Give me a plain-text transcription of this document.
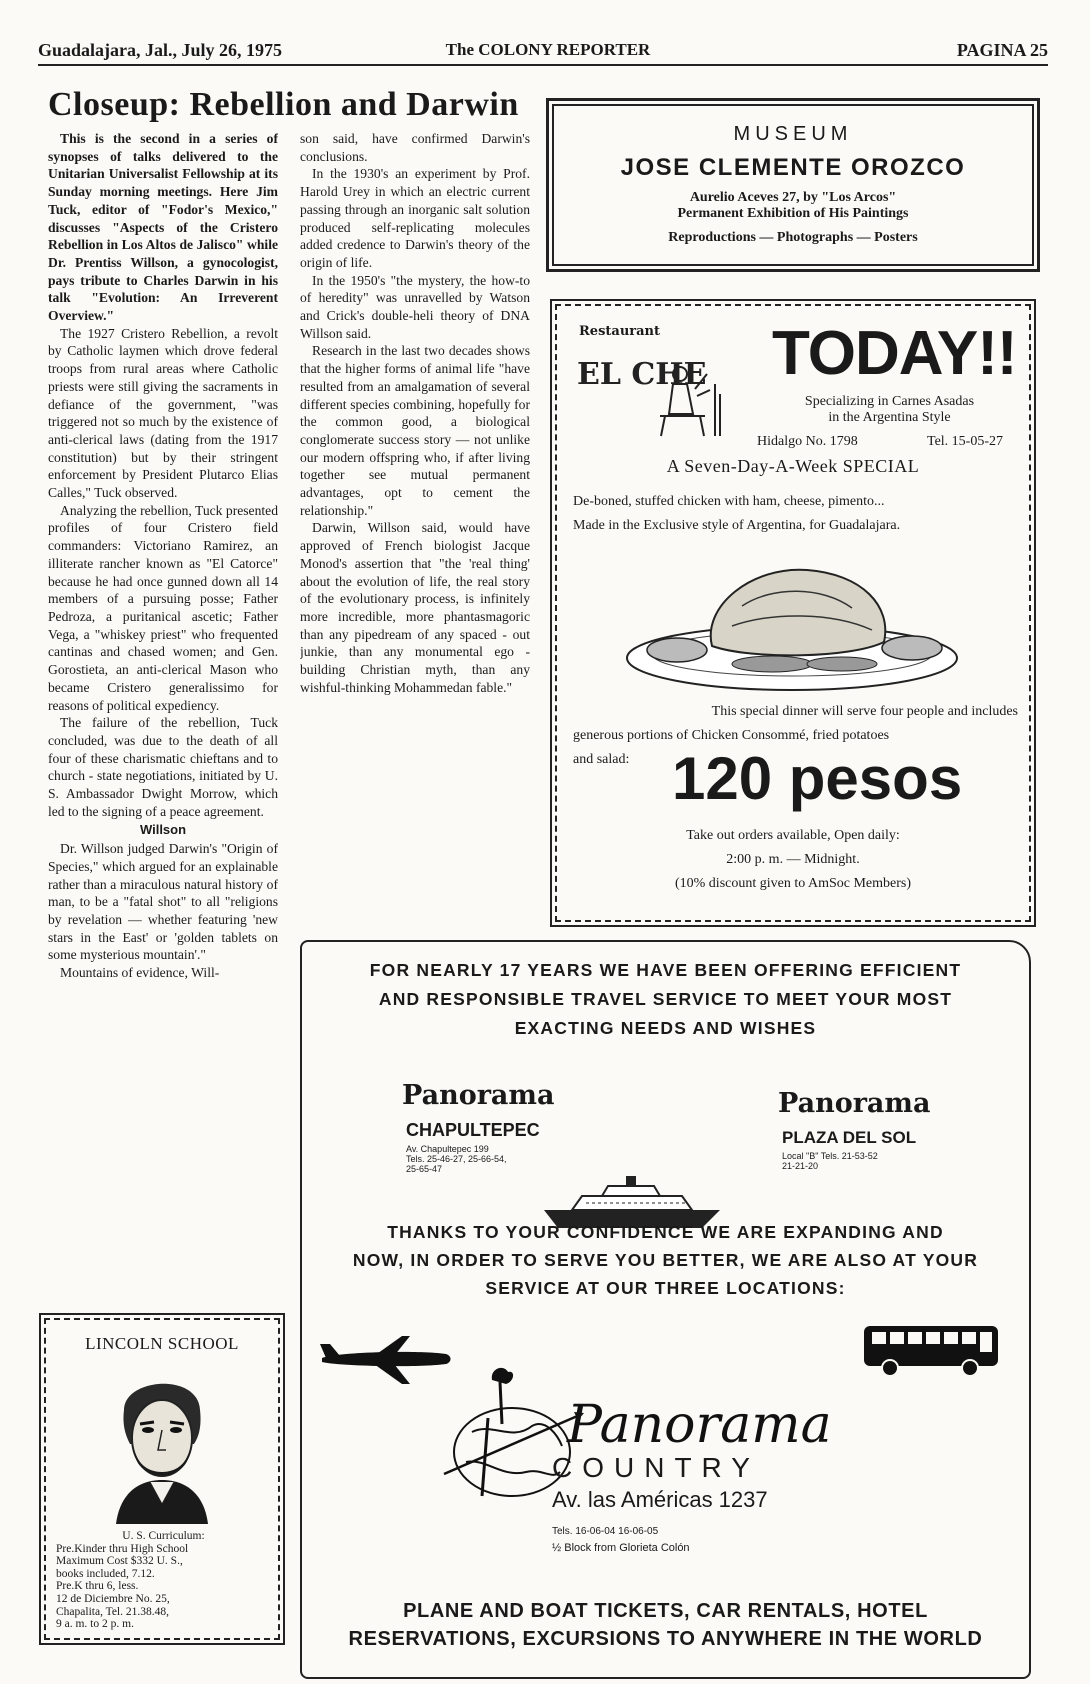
Guadalajara, Jal., July 26, 1975	The COLONY REPORTER	PAGINA 25
Closeup: Rebellion and Darwin

This is the second in a series of synopses of talks delivered to the Unitarian Universalist Fellowship at its Sunday morning meetings. Here Jim Tuck, editor of "Fodor's Mexico," discusses "Aspects of the Cristero Rebellion in Los Altos de Jalisco" while Dr. Prentiss Willson, a gynocologist, pays tribute to Charles Darwin in his talk "Evolution: An Irreverent Overview."

The 1927 Cristero Rebellion, a revolt by Catholic laymen which drove federal troops from rural areas where Catholic priests were still giving the sacraments in defiance of the government, "was triggered not so much by the existence of anti-clerical laws (dating from the 1917 constitution) but by their stringent enforcement by President Plutarco Elias Calles," Tuck observed.

Analyzing the rebellion, Tuck presented profiles of four Cristero field commanders: Victoriano Ramirez, an illiterate rancher known as "El Catorce" because he had once gunned down all 14 members of a pursuing posse; Father Pedroza, a puritanical ascetic; Father Vega, a "whiskey priest" who frequented cantinas and chased women; and Gen. Gorostieta, an anti-clerical Mason who became Cristero generalissimo for reasons of political expediency.

The failure of the rebellion, Tuck concluded, was due to the death of all four of these charismatic chieftans and to church - state negotiations, initiated by U. S. Ambassador Dwight Morrow, which led to the signing of a peace agreement.

Willson

Dr. Willson judged Darwin's "Origin of Species," which argued for an explainable rather than a miraculous natural history of man, to be a "fatal shot" to all "religions by revelation — whether featuring 'new stars in the East' or 'golden tablets on some mysterious mountain'."

Mountains of evidence, Will-

son said, have confirmed Darwin's conclusions.

In the 1930's an experiment by Prof. Harold Urey in which an electric current passing through an inorganic salt solution produced self-replicating molecules added credence to Darwin's theory of the origin of life.

In the 1950's "the mystery, the how-to of heredity" was unravelled by Watson and Crick's double-heli theory of DNA Willson said.

Research in the last two decades shows that the higher forms of animal life "have resulted from an amalgamation of several different species combining, hopefully for the common good, a biological conglomerate success story — not unlike our modern offspring who, if after living together see mutual permanent advantages, opt to cement the relationship."

Darwin, Willson said, would have approved of French biologist Jacque Monod's assertion that "the 'real thing' about the evolution of life, the real story of the evolutionary process, is infinitely more incredible, more phantasmagoric than any pipedream of any spaced - out junkie, than any monumental ego - building Christian myth, than any wishful-thinking Mohammedan fable."

MUSEUM
JOSE CLEMENTE OROZCO
Aurelio Aceves 27, by "Los Arcos"
Permanent Exhibition of His Paintings
Reproductions — Photographs — Posters
Restaurant
EL CHE TODAY!!
Specializing in Carnes Asadas
in the Argentina Style
Hidalgo No. 1798	Tel. 15-05-27
A Seven-Day-A-Week SPECIAL
De-boned, stuffed chicken with ham, cheese, pimento...
Made in the Exclusive style of Argentina, for Guadalajara.
This special dinner will serve four people and includes
generous portions of Chicken Consommé, fried potatoes
and salad: 120 pesos
Take out orders available, Open daily:
2:00 p. m. — Midnight.
(10% discount given to AmSoc Members)
LINCOLN SCHOOL
U. S. Curriculum:
Pre.Kinder thru High School
Maximum Cost $332 U. S.,
books included, 7.12.
Pre.K thru 6, less.
12 de Diciembre No. 25,
Chapalita, Tel. 21.38.48,
9 a. m. to 2 p. m.
FOR NEARLY 17 YEARS WE HAVE BEEN OFFERING EFFICIENT
AND RESPONSIBLE TRAVEL SERVICE TO MEET YOUR MOST
EXACTING NEEDS AND WISHES
Panorama
CHAPULTEPEC
Av. Chapultepec 199
Tels. 25-46-27, 25-66-54,
25-65-47
Panorama
PLAZA DEL SOL
Local "B" Tels. 21-53-52
21-21-20
THANKS TO YOUR CONFIDENCE WE ARE EXPANDING AND
NOW, IN ORDER TO SERVE YOU BETTER, WE ARE ALSO AT YOUR
SERVICE AT OUR THREE LOCATIONS:
Panorama
COUNTRY
Av. las Américas 1237
Tels. 16-06-04 16-06-05
½ Block from Glorieta Colón
PLANE AND BOAT TICKETS, CAR RENTALS, HOTEL
RESERVATIONS, EXCURSIONS TO ANYWHERE IN THE WORLD
